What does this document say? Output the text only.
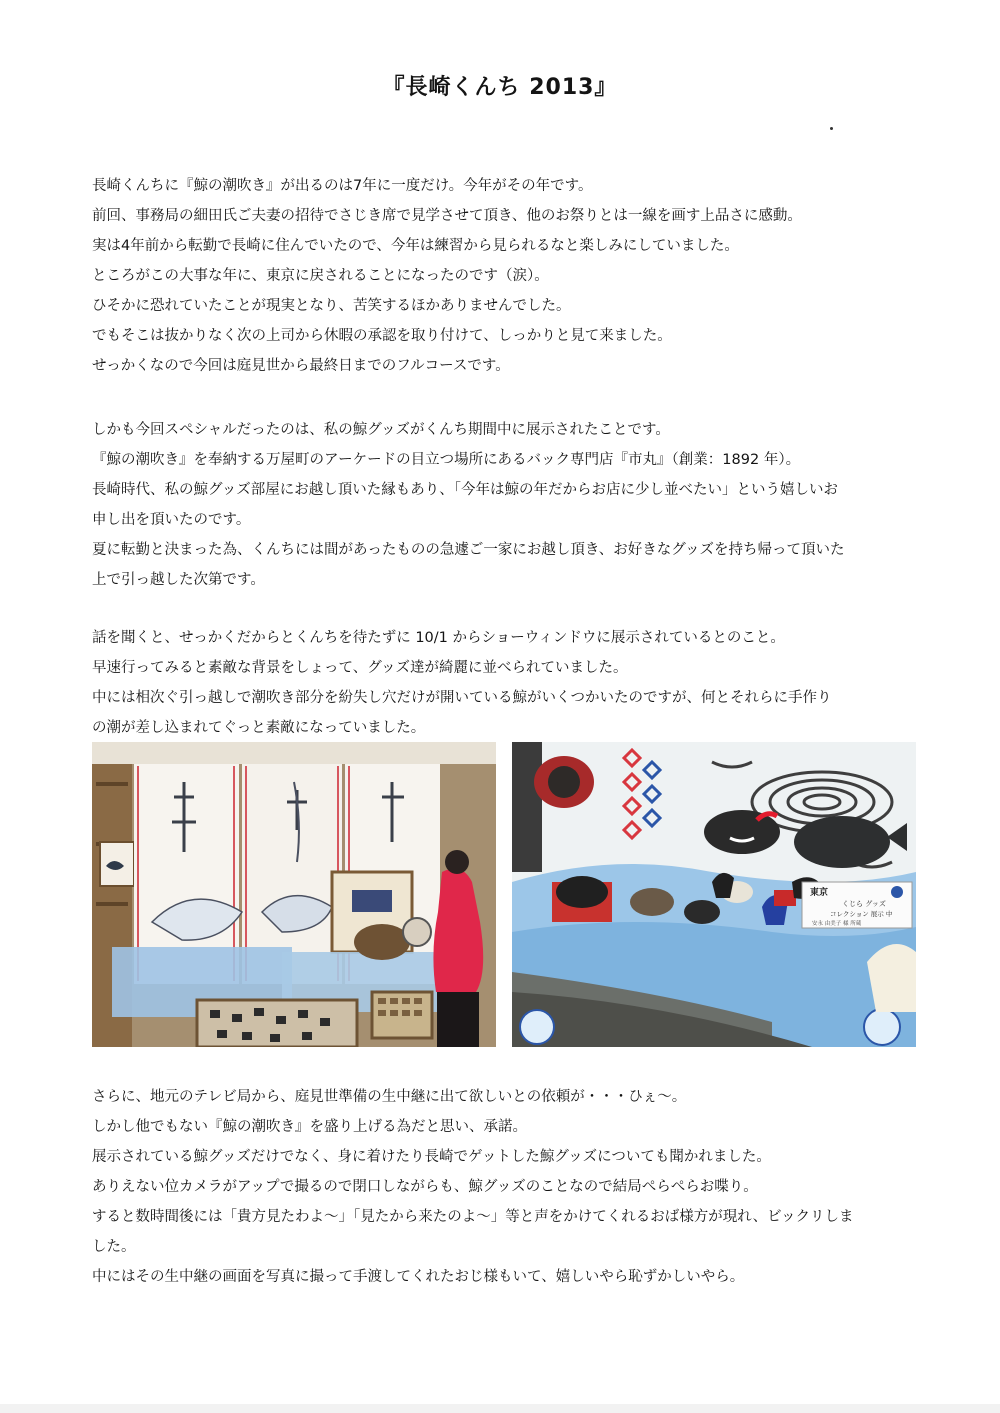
『長崎くんち 2013』
長崎くんちに『鯨の潮吹き』が出るのは7年に一度だけ。今年がその年です。
前回、事務局の細田氏ご夫妻の招待でさじき席で見学させて頂き、他のお祭りとは一線を画す上品さに感動。
実は4年前から転勤で長崎に住んでいたので、今年は練習から見られるなと楽しみにしていました。
ところがこの大事な年に、東京に戻されることになったのです（涙）。
ひそかに恐れていたことが現実となり、苦笑するほかありませんでした。
でもそこは抜かりなく次の上司から休暇の承認を取り付けて、しっかりと見て来ました。
せっかくなので今回は庭見世から最終日までのフルコースです。
しかも今回スペシャルだったのは、私の鯨グッズがくんち期間中に展示されたことです。
『鯨の潮吹き』を奉納する万屋町のアーケードの目立つ場所にあるバック専門店『市丸』（創業：1892 年）。
長崎時代、私の鯨グッズ部屋にお越し頂いた縁もあり、「今年は鯨の年だからお店に少し並べたい」という嬉しいお
申し出を頂いたのです。
夏に転勤と決まった為、くんちには間があったものの急遽ご一家にお越し頂き、お好きなグッズを持ち帰って頂いた
上で引っ越した次第です。
話を聞くと、せっかくだからとくんちを待たずに 10/1 からショーウィンドウに展示されているとのこと。
早速行ってみると素敵な背景をしょって、グッズ達が綺麗に並べられていました。
中には相次ぐ引っ越しで潮吹き部分を紛失し穴だけが開いている鯨がいくつかいたのですが、何とそれらに手作り
の潮が差し込まれてぐっと素敵になっていました。
東京
くじら グッズ
コレクション 展示 中
安永 由美子 様 所蔵
さらに、地元のテレビ局から、庭見世準備の生中継に出て欲しいとの依頼が・・・ひぇ～。
しかし他でもない『鯨の潮吹き』を盛り上げる為だと思い、承諾。
展示されている鯨グッズだけでなく、身に着けたり長崎でゲットした鯨グッズについても聞かれました。
ありえない位カメラがアップで撮るので閉口しながらも、鯨グッズのことなので結局ぺらぺらお喋り。
すると数時間後には「貴方見たわよ～」「見たから来たのよ～」等と声をかけてくれるおば様方が現れ、ビックリしま
した。
中にはその生中継の画面を写真に撮って手渡してくれたおじ様もいて、嬉しいやら恥ずかしいやら。
